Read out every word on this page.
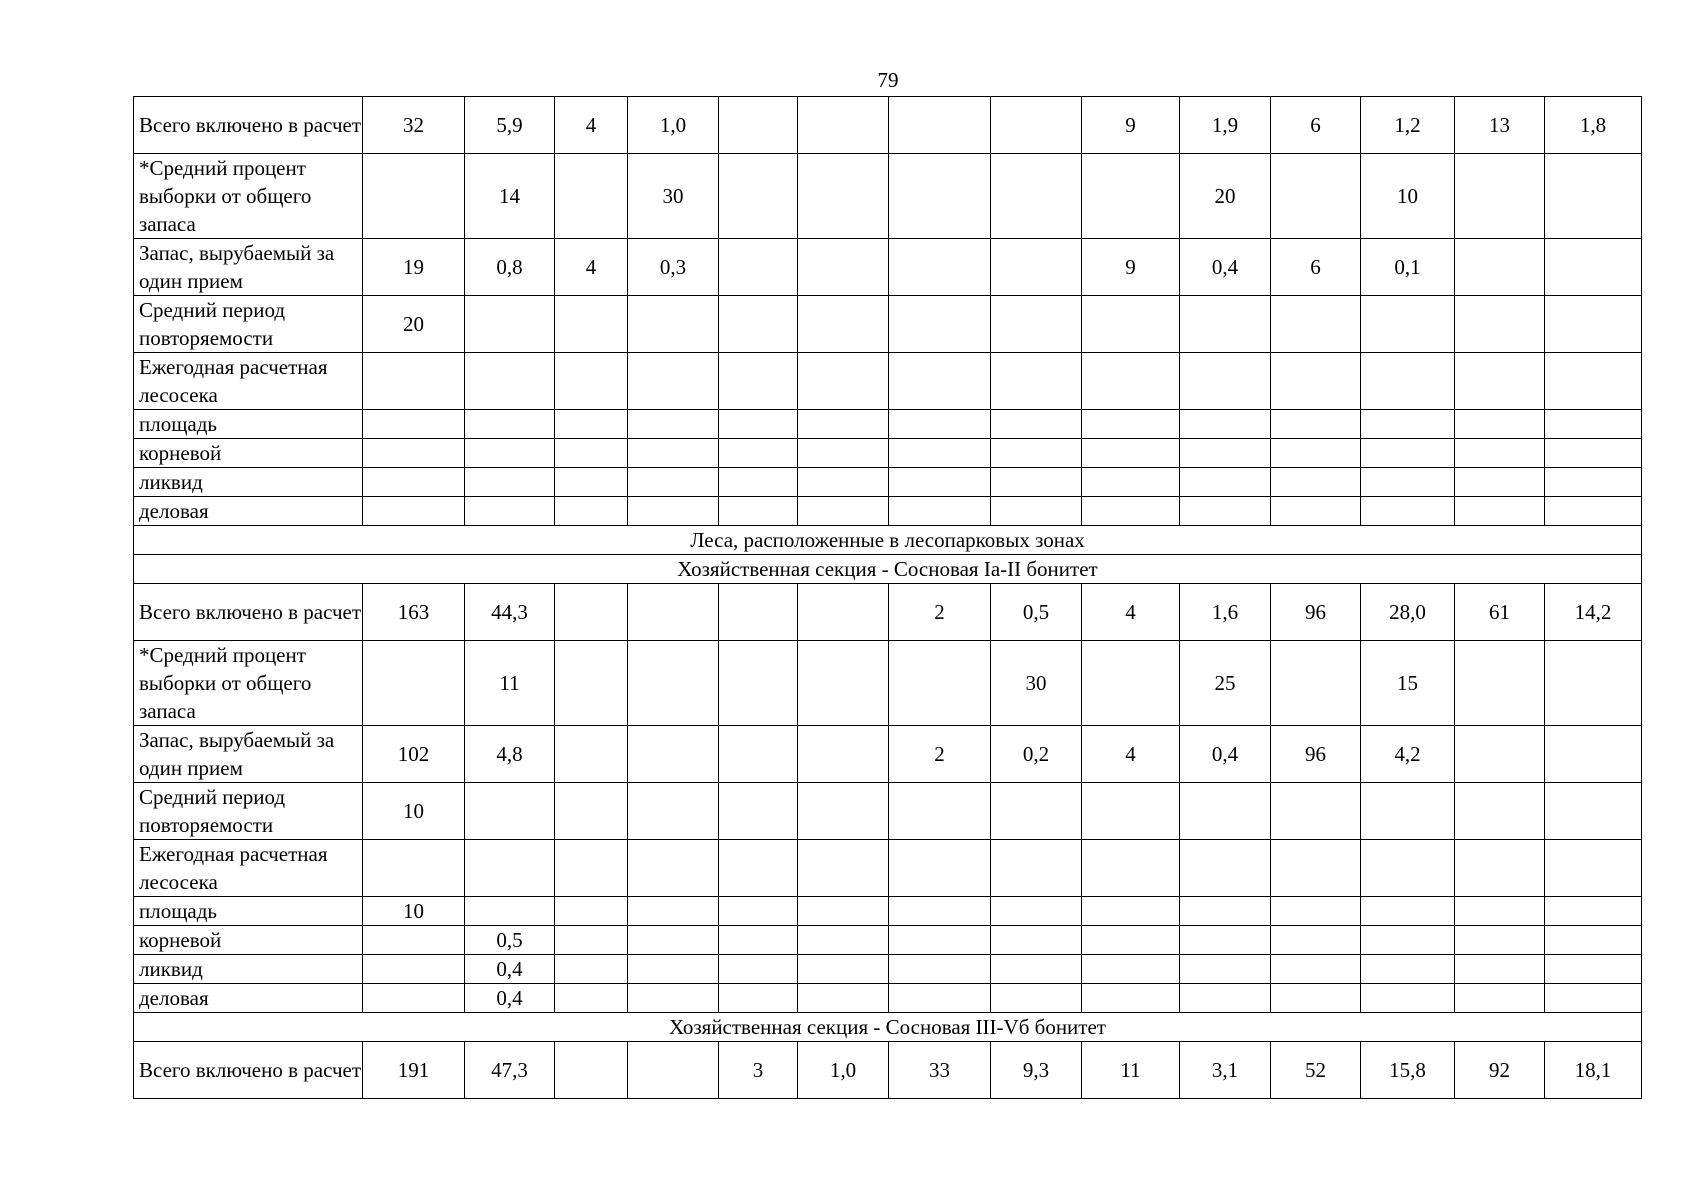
79
Всего включено в расчет	32	5,9	4	1,0					9	1,9	6	1,2	13	1,8
*Средний процент выборки от общего запаса		14		30						20		10		
Запас, вырубаемый за один прием	19	0,8	4	0,3					9	0,4	6	0,1		
Средний период повторяемости	20													
Ежегодная расчетная лесосека														
площадь														
корневой														
ликвид														
деловая														
Леса, расположенные в лесопарковых зонах														
Хозяйственная секция - Сосновая Ia-II бонитет														
Всего включено в расчет	163	44,3					2	0,5	4	1,6	96	28,0	61	14,2
*Средний процент выборки от общего запаса		11						30		25		15		
Запас, вырубаемый за один прием	102	4,8					2	0,2	4	0,4	96	4,2		
Средний период повторяемости	10													
Ежегодная расчетная лесосека														
площадь	10													
корневой		0,5												
ликвид		0,4												
деловая		0,4												
Хозяйственная секция - Сосновая III-Vб бонитет														
Всего включено в расчет	191	47,3			3	1,0	33	9,3	11	3,1	52	15,8	92	18,1
